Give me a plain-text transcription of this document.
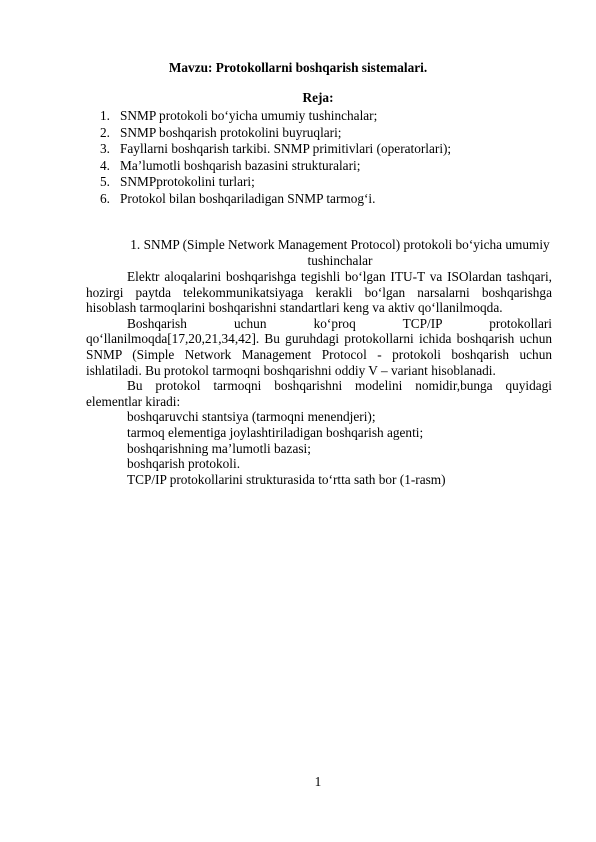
Mavzu: Protokollarni boshqarish sistemalari.

Reja:

1. SNMP protokoli bo‘yicha umumiy tushinchalar;
2. SNMP boshqarish protokolini buyruqlari;
3. Fayllarni boshqarish tarkibi. SNMP primitivlari (operatorlari);
4. Ma’lumotli boshqarish bazasini strukturalari;
5. SNMPprotokolini turlari;
6. Protokol bilan boshqariladigan SNMP tarmog‘i.

1. SNMP (Simple Network Management Protocol) protokoli bo‘yicha umumiy tushinchalar

Elektr aloqalarini boshqarishga tegishli bo‘lgan ITU-T va ISOlardan tashqari, hozirgi paytda telekommunikatsiyaga kerakli bo‘lgan narsalarni boshqarishga hisoblash tarmoqlarini boshqarishni standartlari keng va aktiv qo‘llanilmoqda.

Boshqarish uchun ko‘proq TCP/IP protokollari qo‘llanilmoqda[17,20,21,34,42]. Bu guruhdagi protokollarni ichida boshqarish uchun SNMP (Simple Network Management Protocol - protokoli boshqarish uchun ishlatiladi. Bu protokol tarmoqni boshqarishni oddiy V – variant hisoblanadi.

Bu protokol tarmoqni boshqarishni modelini nomidir,bunga quyidagi elementlar kiradi:

boshqaruvchi stantsiya (tarmoqni menendjeri);

tarmoq elementiga joylashtiriladigan boshqarish agenti;

boshqarishning ma’lumotli bazasi;

boshqarish protokoli.

TCP/IP protokollarini strukturasida to‘rtta sath bor (1-rasm)

1
